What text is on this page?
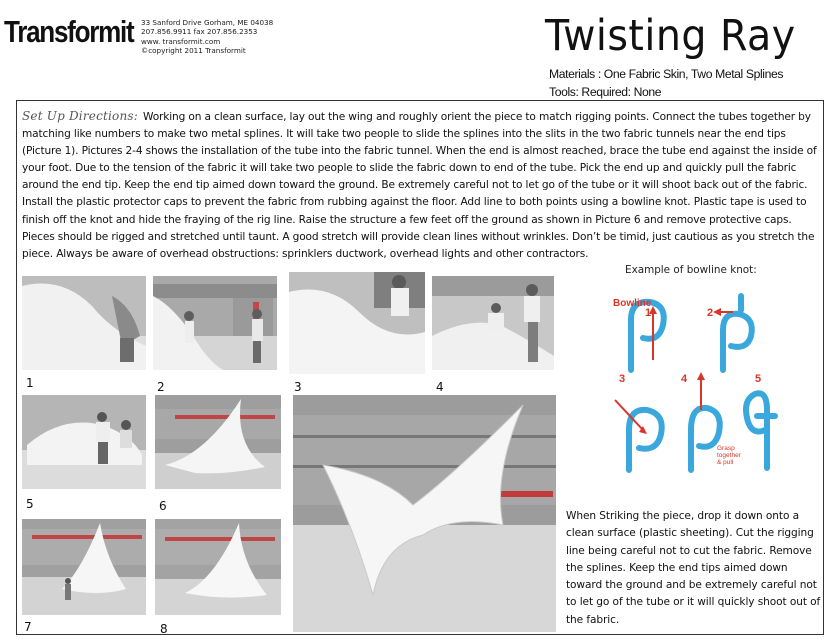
Transformit 33 Sanford Drive Gorham, ME 04038
207.856.9911 fax 207.856.2353
www. transformit.com
©copyright 2011 Transformit	Twisting Ray
Materials : One Fabric Skin, Two Metal Splines
Tools: Required: None
Set Up Directions: Working on a clean surface, lay out the wing and roughly orient the piece to match rigging points. Connect the tubes together by matching like numbers to make two metal splines. It will take two people to slide the splines into the slits in the two fabric tunnels near the end tips (Picture 1). Pictures 2-4 shows the installation of the tube into the fabric tunnel. When the end is almost reached, brace the tube end against the inside of your foot. Due to the tension of the fabric it will take two people to slide the fabric down to end of the tube. Pick the end up and quickly pull the fabric around the end tip. Keep the end tip aimed down toward the ground. Be extremely careful not to let go of the tube or it will shoot back out of the fabric. Install the plastic protector caps to prevent the fabric from rubbing against the floor. Add line to both points using a bowline knot. Plastic tape is used to finish off the knot and hide the fraying of the rig line. Raise the structure a few feet off the ground as shown in Picture 6 and remove protective caps. Pieces should be rigged and stretched until taunt. A good stretch will provide clean lines without wrinkles. Don’t be timid, just cautious as you stretch the piece. Always be aware of overhead obstructions: sprinklers ductwork, overhead lights and other contractors.
1	2	3	4
5	6
7	8
Example of bowline knot:
Bowline
1	2
3	4	5
Grasp
together
& pull
When Striking the piece, drop it down onto a clean surface (plastic sheeting). Cut the rigging line being careful not to cut the fabric. Remove the splines. Keep the end tips aimed down toward the ground and be extremely careful not to let go of the tube or it will quickly shoot out of the fabric.
